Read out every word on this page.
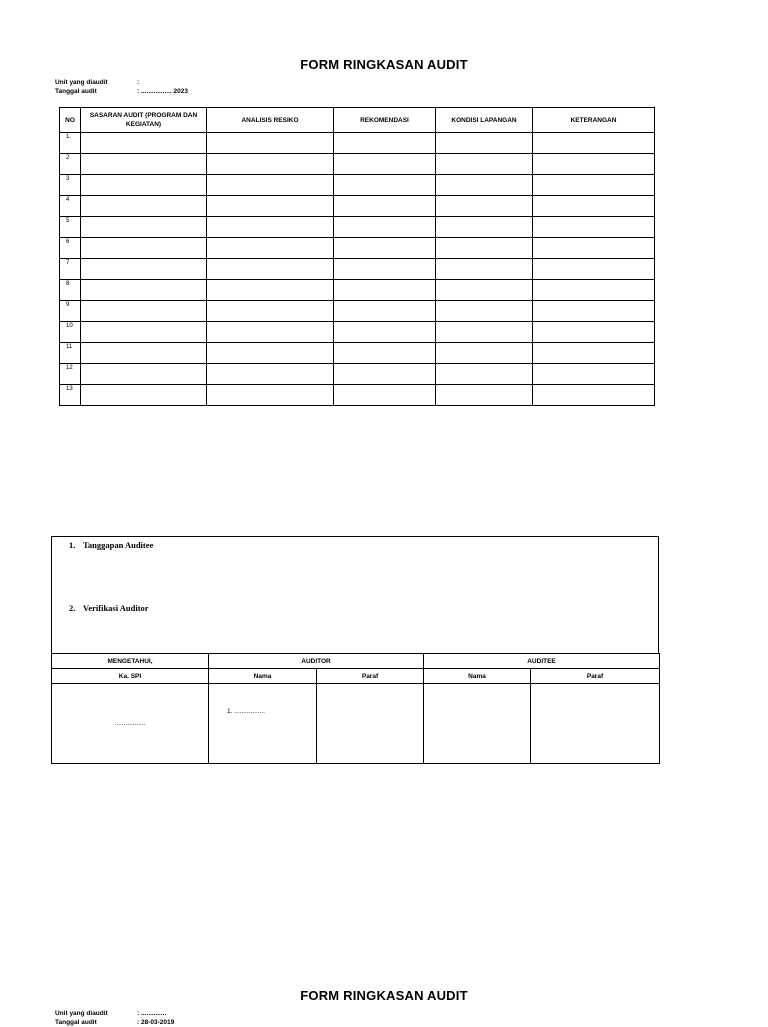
FORM RINGKASAN AUDIT
Unit yang diaudit	:
Tanggal audit	: ................. 2023
NO	SASARAN AUDIT (PROGRAM DAN KEGIATAN)	ANALISIS RESIKO	REKOMENDASI	KONDISI LAPANGAN	KETERANGAN
1.					
2					
3					
4					
5					
6					
7					
8					
9					
10					
11					
12					
13					
1. Tanggapan Auditee
2. Verifikasi Auditor
MENGETAHUI,	AUDITOR		AUDITEE	
Ka. SPI	Nama	Paraf	Nama	Paraf
.................	1. .................			
FORM RINGKASAN AUDIT
Unit yang diaudit	: ..............
Tanggal audit	: 28-03-2019
